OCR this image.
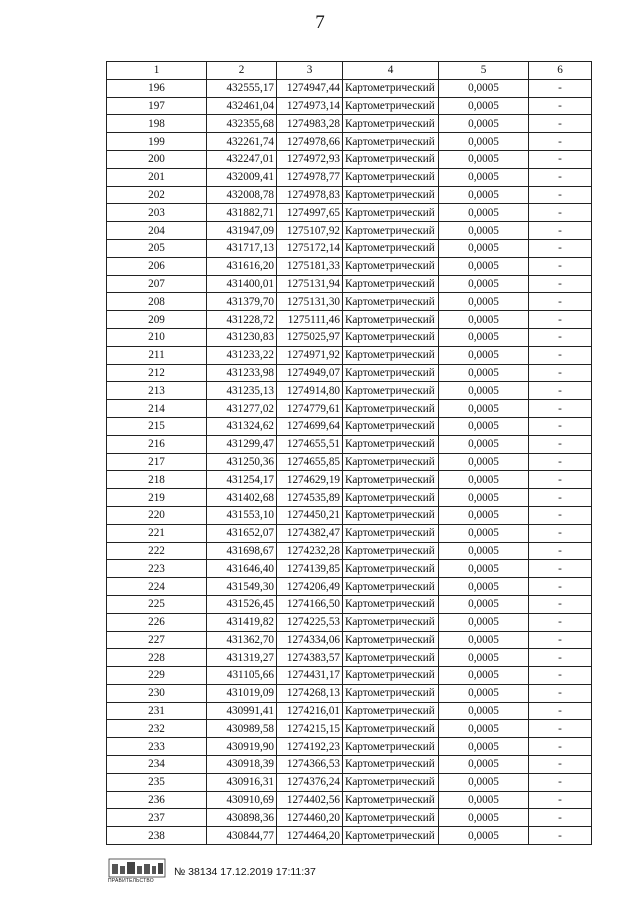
7
1	2	3	4	5	6
196	432555,17	1274947,44	Картометрический	0,0005	-
197	432461,04	1274973,14	Картометрический	0,0005	-
198	432355,68	1274983,28	Картометрический	0,0005	-
199	432261,74	1274978,66	Картометрический	0,0005	-
200	432247,01	1274972,93	Картометрический	0,0005	-
201	432009,41	1274978,77	Картометрический	0,0005	-
202	432008,78	1274978,83	Картометрический	0,0005	-
203	431882,71	1274997,65	Картометрический	0,0005	-
204	431947,09	1275107,92	Картометрический	0,0005	-
205	431717,13	1275172,14	Картометрический	0,0005	-
206	431616,20	1275181,33	Картометрический	0,0005	-
207	431400,01	1275131,94	Картометрический	0,0005	-
208	431379,70	1275131,30	Картометрический	0,0005	-
209	431228,72	1275111,46	Картометрический	0,0005	-
210	431230,83	1275025,97	Картометрический	0,0005	-
211	431233,22	1274971,92	Картометрический	0,0005	-
212	431233,98	1274949,07	Картометрический	0,0005	-
213	431235,13	1274914,80	Картометрический	0,0005	-
214	431277,02	1274779,61	Картометрический	0,0005	-
215	431324,62	1274699,64	Картометрический	0,0005	-
216	431299,47	1274655,51	Картометрический	0,0005	-
217	431250,36	1274655,85	Картометрический	0,0005	-
218	431254,17	1274629,19	Картометрический	0,0005	-
219	431402,68	1274535,89	Картометрический	0,0005	-
220	431553,10	1274450,21	Картометрический	0,0005	-
221	431652,07	1274382,47	Картометрический	0,0005	-
222	431698,67	1274232,28	Картометрический	0,0005	-
223	431646,40	1274139,85	Картометрический	0,0005	-
224	431549,30	1274206,49	Картометрический	0,0005	-
225	431526,45	1274166,50	Картометрический	0,0005	-
226	431419,82	1274225,53	Картометрический	0,0005	-
227	431362,70	1274334,06	Картометрический	0,0005	-
228	431319,27	1274383,57	Картометрический	0,0005	-
229	431105,66	1274431,17	Картометрический	0,0005	-
230	431019,09	1274268,13	Картометрический	0,0005	-
231	430991,41	1274216,01	Картометрический	0,0005	-
232	430989,58	1274215,15	Картометрический	0,0005	-
233	430919,90	1274192,23	Картометрический	0,0005	-
234	430918,39	1274366,53	Картометрический	0,0005	-
235	430916,31	1274376,24	Картометрический	0,0005	-
236	430910,69	1274402,56	Картометрический	0,0005	-
237	430898,36	1274460,20	Картометрический	0,0005	-
238	430844,77	1274464,20	Картометрический	0,0005	-
ПРАВИТЕЛЬСТВО
№ 38134 17.12.2019 17:11:37
